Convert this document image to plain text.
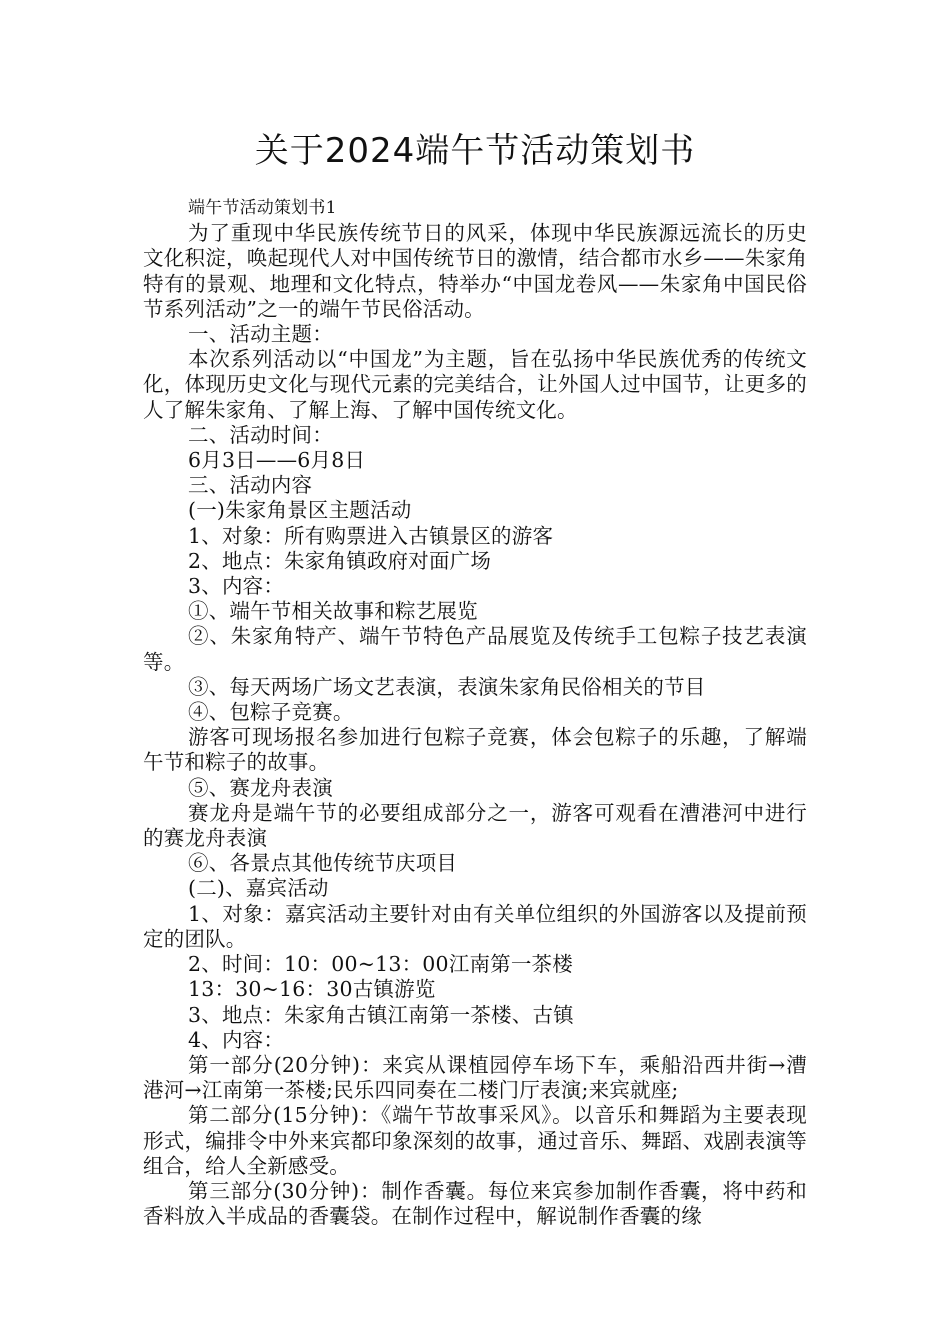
关于2024端午节活动策划书

端午节活动策划书1

为了重现中华民族传统节日的风采，体现中华民族源远流长的历史文化积淀，唤起现代人对中国传统节日的激情，结合都市水乡——朱家角特有的景观、地理和文化特点，特举办“中国龙卷风——朱家角中国民俗节系列活动”之一的端午节民俗活动。

一、活动主题：

本次系列活动以“中国龙”为主题，旨在弘扬中华民族优秀的传统文化，体现历史文化与现代元素的完美结合，让外国人过中国节，让更多的人了解朱家角、了解上海、了解中国传统文化。

二、活动时间：

6月3日——6月8日

三、活动内容

(一)朱家角景区主题活动

1、对象：所有购票进入古镇景区的游客

2、地点：朱家角镇政府对面广场

3、内容：

①、端午节相关故事和粽艺展览

②、朱家角特产、端午节特色产品展览及传统手工包粽子技艺表演等。

③、每天两场广场文艺表演，表演朱家角民俗相关的节目

④、包粽子竞赛。

游客可现场报名参加进行包粽子竞赛，体会包粽子的乐趣，了解端午节和粽子的故事。

⑤、赛龙舟表演

赛龙舟是端午节的必要组成部分之一，游客可观看在漕港河中进行的赛龙舟表演

⑥、各景点其他传统节庆项目

(二)、嘉宾活动

1、对象：嘉宾活动主要针对由有关单位组织的外国游客以及提前预定的团队。

2、时间：10：00~13：00江南第一茶楼

13：30~16：30古镇游览

3、地点：朱家角古镇江南第一茶楼、古镇

4、内容：

第一部分(20分钟)：来宾从课植园停车场下车，乘船沿西井街→漕港河→江南第一茶楼;民乐四同奏在二楼门厅表演;来宾就座;

第二部分(15分钟)：《端午节故事采风》。以音乐和舞蹈为主要表现形式，编排令中外来宾都印象深刻的故事，通过音乐、舞蹈、戏剧表演等组合，给人全新感受。

第三部分(30分钟)：制作香囊。每位来宾参加制作香囊，将中药和香料放入半成品的香囊袋。在制作过程中，解说制作香囊的缘
